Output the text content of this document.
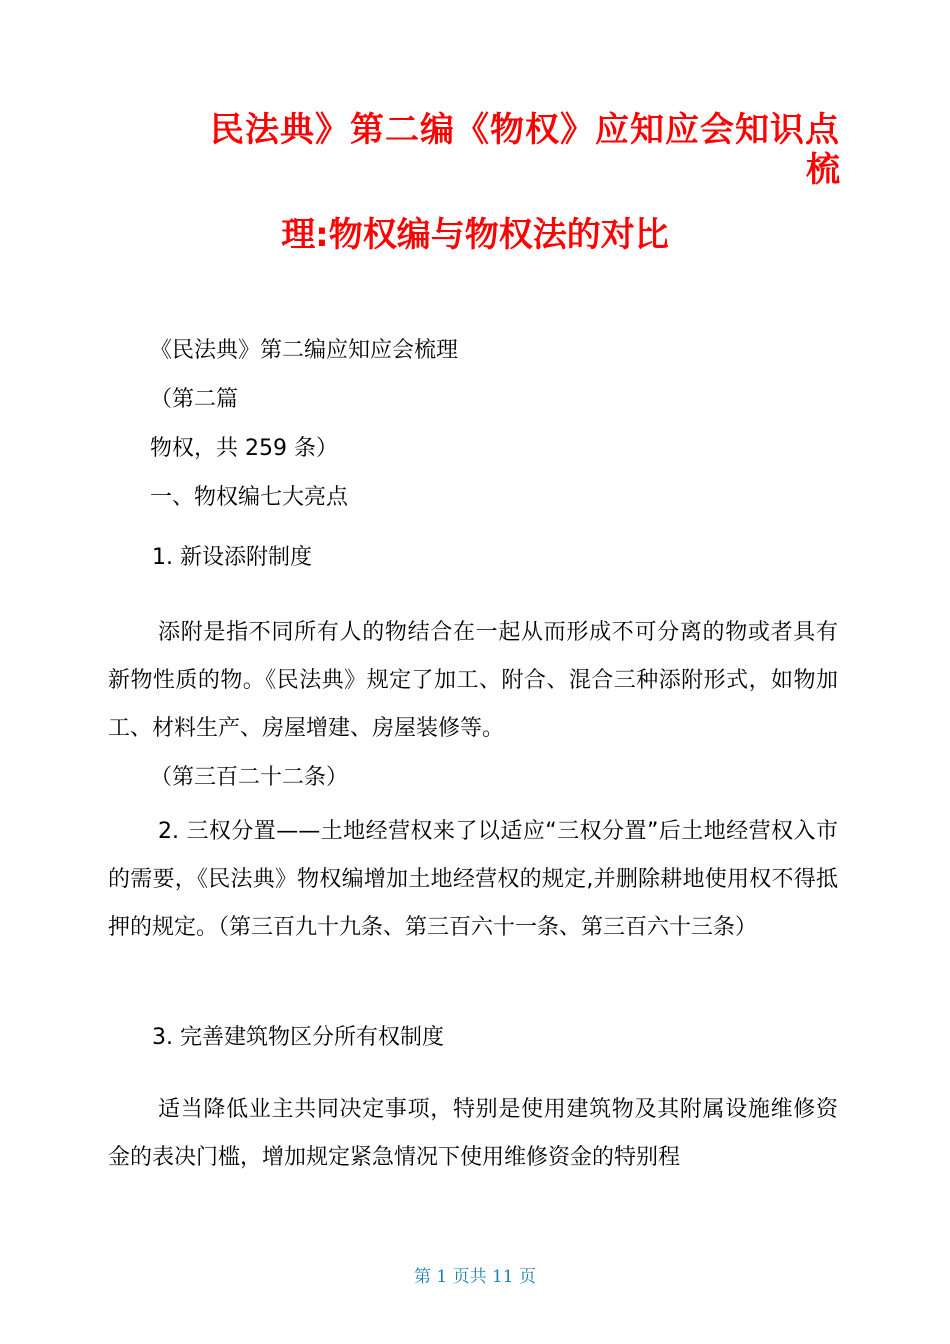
民法典》第二编《物权》应知应会知识点
梳
理:物权编与物权法的对比
《民法典》第二编应知应会梳理
（第二篇
物权，共 259 条）
一、物权编七大亮点
1. 新设添附制度
添附是指不同所有人的物结合在一起从而形成不可分离的物或者具有新物性质的物。《民法典》规定了加工、附合、混合三种添附形式，如物加工、材料生产、房屋增建、房屋装修等。
（第三百二十二条）
2. 三权分置——土地经营权来了以适应“三权分置”后土地经营权入市的需要，《民法典》物权编增加土地经营权的规定,并删除耕地使用权不得抵押的规定。（第三百九十九条、第三百六十一条、第三百六十三条）
3. 完善建筑物区分所有权制度
适当降低业主共同决定事项，特别是使用建筑物及其附属设施维修资金的表决门槛，增加规定紧急情况下使用维修资金的特别程
第 1 页共 11 页
